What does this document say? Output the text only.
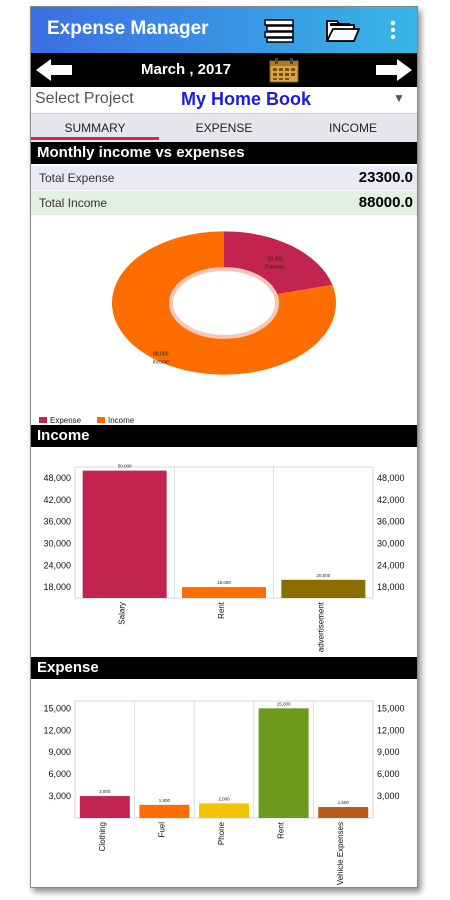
Expense Manager
March , 2017
Select Project	My Home Book	▼
SUMMARY	EXPENSE	INCOME
Monthly income vs expenses
Total Expense	23300.0
Total Income	88000.0
23,300
Expense
88,000
Income
Expense	Income
Income
18,000	18,000
24,000	24,000
30,000	30,000
36,000	36,000
42,000	42,000
48,000	48,000
50,000
Salary
18,000
Rent
20,000
advertisement
Expense
3,000	3,000
6,000	6,000
9,000	9,000
12,000	12,000
15,000	15,000
3,000
Clothing
1,800
Fuel
2,000
Phone
15,000
Rent
1,500
Vehicle Expenses
